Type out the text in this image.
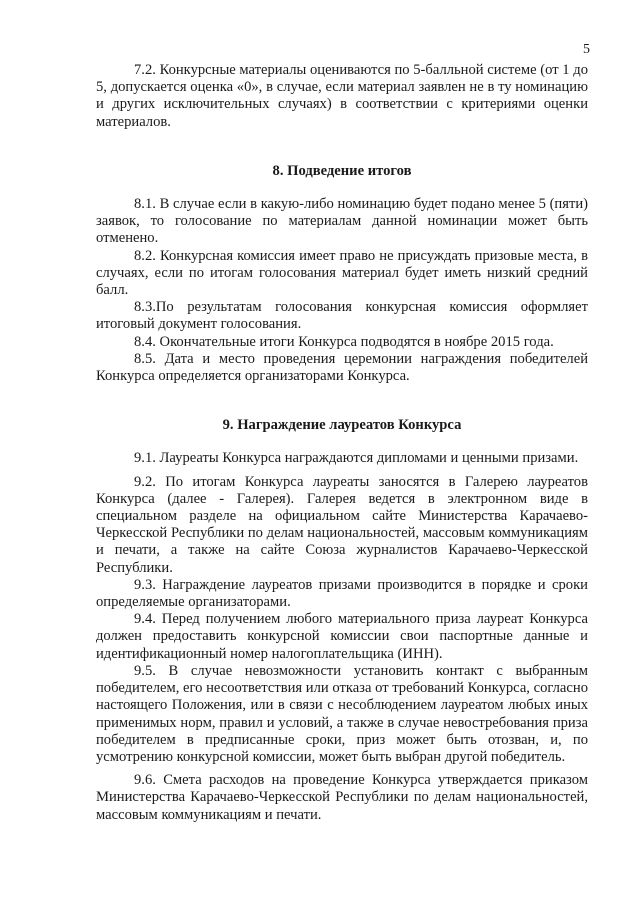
5

7.2. Конкурсные материалы оцениваются по 5-балльной системе (от 1 до 5, допускается оценка «0», в случае, если материал заявлен не в ту номинацию и других исключительных случаях) в соответствии с критериями оценки материалов.

8. Подведение итогов

8.1. В случае если в какую-либо номинацию будет подано менее 5 (пяти) заявок, то голосование по материалам данной номинации может быть отменено.

8.2. Конкурсная комиссия имеет право не присуждать призовые места, в случаях, если по итогам голосования материал будет иметь низкий средний балл.

8.3.По результатам голосования конкурсная комиссия оформляет итоговый документ голосования.

8.4. Окончательные итоги Конкурса подводятся в ноябре 2015 года.

8.5. Дата и место проведения церемонии награждения победителей Конкурса определяется организаторами Конкурса.

9. Награждение лауреатов Конкурса

9.1. Лауреаты Конкурса награждаются дипломами и ценными призами.

9.2. По итогам Конкурса лауреаты заносятся в Галерею лауреатов Конкурса (далее - Галерея). Галерея ведется в электронном виде в специальном разделе на официальном сайте Министерства Карачаево-Черкесской Республики по делам национальностей, массовым коммуникациям и печати, а также на сайте Союза журналистов Карачаево-Черкесской Республики.

9.3. Награждение лауреатов призами производится в порядке и сроки определяемые организаторами.

9.4. Перед получением любого материального приза лауреат Конкурса должен предоставить конкурсной комиссии свои паспортные данные и идентификационный номер налогоплательщика (ИНН).

9.5. В случае невозможности установить контакт с выбранным победителем, его несоответствия или отказа от требований Конкурса, согласно настоящего Положения, или в связи с несоблюдением лауреатом любых иных применимых норм, правил и условий, а также в случае невостребования приза победителем в предписанные сроки, приз может быть отозван, и, по усмотрению конкурсной комиссии, может быть выбран другой победитель.

9.6. Смета расходов на проведение Конкурса утверждается приказом Министерства Карачаево-Черкесской Республики по делам национальностей, массовым коммуникациям и печати.
